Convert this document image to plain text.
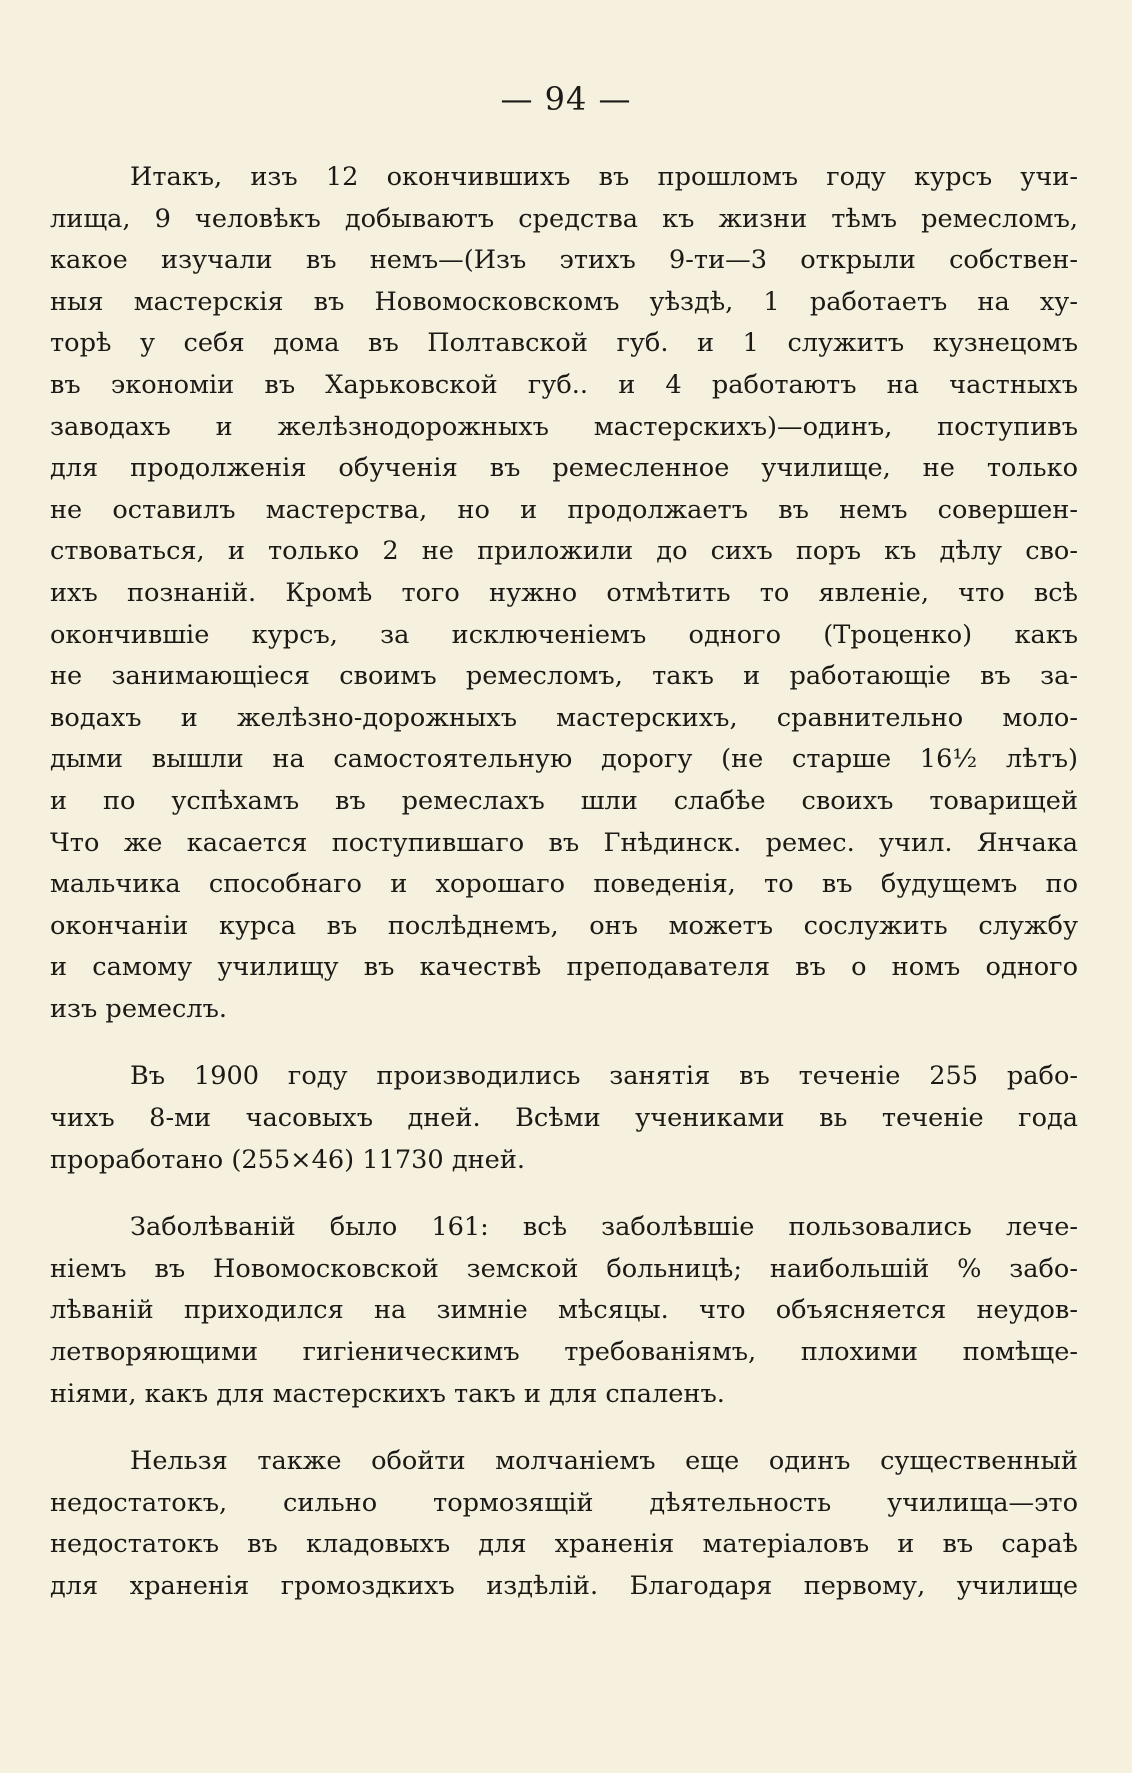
— 94 —

Итакъ, изъ 12 окончившихъ въ прошломъ году курсъ учи-
лища, 9 человѣкъ добываютъ средства къ жизни тѣмъ ремесломъ,
какое изучали въ немъ—(Изъ этихъ 9-ти—3 открыли собствен-
ныя мастерскія въ Новомосковскомъ уѣздѣ, 1 работаетъ на ху-
торѣ у себя дома въ Полтавской губ. и 1 служитъ кузнецомъ
въ экономіи въ Харьковской губ.. и 4 работаютъ на частныхъ
заводахъ и желѣзнодорожныхъ мастерскихъ)—одинъ, поступивъ
для продолженія обученія въ ремесленное училище, не только
не оставилъ мастерства, но и продолжаетъ въ немъ совершен-
ствоваться, и только 2 не приложили до сихъ поръ къ дѣлу сво-
ихъ познаній. Кромѣ того нужно отмѣтить то явленіе, что всѣ
окончившіе курсъ, за исключеніемъ одного (Троценко) какъ
не занимающіеся своимъ ремесломъ, такъ и работающіе въ за-
водахъ и желѣзно-дорожныхъ мастерскихъ, сравнительно моло-
дыми вышли на самостоятельную дорогу (не старше 16½ лѣтъ)
и по успѣхамъ въ ремеслахъ шли слабѣе своихъ товарищей
Что же касается поступившаго въ Гнѣдинск. ремес. учил. Янчака
мальчика способнаго и хорошаго поведенія, то въ будущемъ по
окончаніи курса въ послѣднемъ, онъ можетъ сослужить службу
и самому училищу въ качествѣ преподавателя въ о номъ одного
изъ ремеслъ.

Въ 1900 году производились занятія въ теченіе 255 рабо-
чихъ 8-ми часовыхъ дней. Всѣми учениками вь теченіе года
проработано (255×46) 11730 дней.

Заболѣваній было 161: всѣ заболѣвшіе пользовались лече-
ніемъ въ Новомосковской земской больницѣ; наибольшій % забо-
лѣваній приходился на зимніе мѣсяцы. что объясняется неудов-
летворяющими гигіеническимъ требованіямъ, плохими помѣще-
ніями, какъ для мастерскихъ такъ и для спаленъ.

Нельзя также обойти молчаніемъ еще одинъ существенный
недостатокъ, сильно тормозящій дѣятельность училища—это
недостатокъ въ кладовыхъ для храненія матеріаловъ и въ сараѣ
для храненія громоздкихъ издѣлій. Благодаря первому, училище
